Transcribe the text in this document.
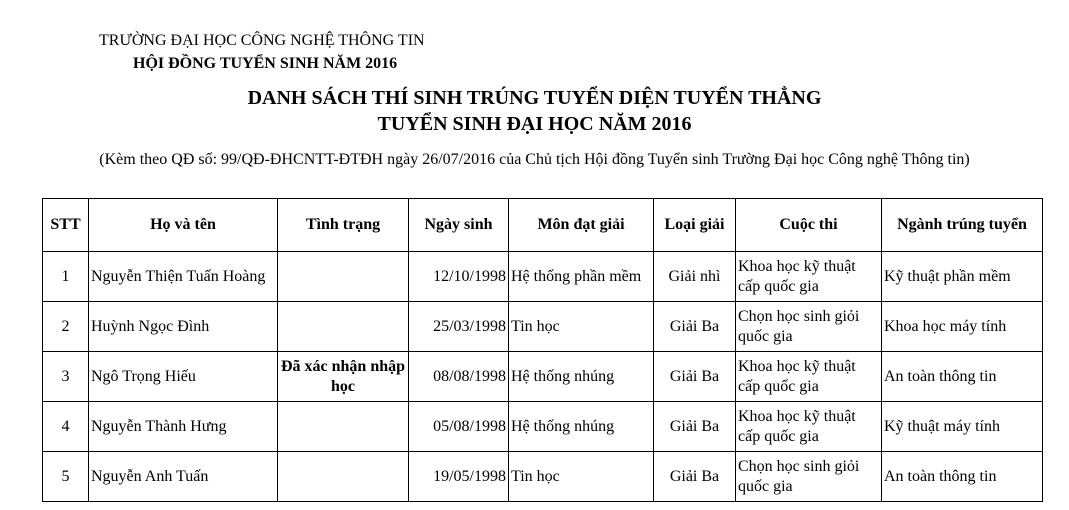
TRƯỜNG ĐẠI HỌC CÔNG NGHỆ THÔNG TIN
HỘI ĐỒNG TUYỂN SINH NĂM 2016
DANH SÁCH THÍ SINH TRÚNG TUYỂN DIỆN TUYỂN THẲNG
TUYỂN SINH ĐẠI HỌC NĂM 2016
(Kèm theo QĐ số: 99/QĐ-ĐHCNTT-ĐTĐH ngày 26/07/2016 của Chủ tịch Hội đồng Tuyển sinh Trường Đại học Công nghệ Thông tin)
STT	Họ và tên	Tình trạng	Ngày sinh	Môn đạt giải	Loại giải	Cuộc thi	Ngành trúng tuyển
1	Nguyễn Thiện Tuấn Hoàng		12/10/1998	Hệ thống phần mềm	Giải nhì	Khoa học kỹ thuật cấp quốc gia	Kỹ thuật phần mềm
2	Huỳnh Ngọc Đình		25/03/1998	Tin học	Giải Ba	Chọn học sinh giỏi quốc gia	Khoa học máy tính
3	Ngô Trọng Hiếu	Đã xác nhận nhập học	08/08/1998	Hệ thống nhúng	Giải Ba	Khoa học kỹ thuật cấp quốc gia	An toàn thông tin
4	Nguyễn Thành Hưng		05/08/1998	Hệ thống nhúng	Giải Ba	Khoa học kỹ thuật cấp quốc gia	Kỹ thuật máy tính
5	Nguyễn Anh Tuấn		19/05/1998	Tin học	Giải Ba	Chọn học sinh giỏi quốc gia	An toàn thông tin
